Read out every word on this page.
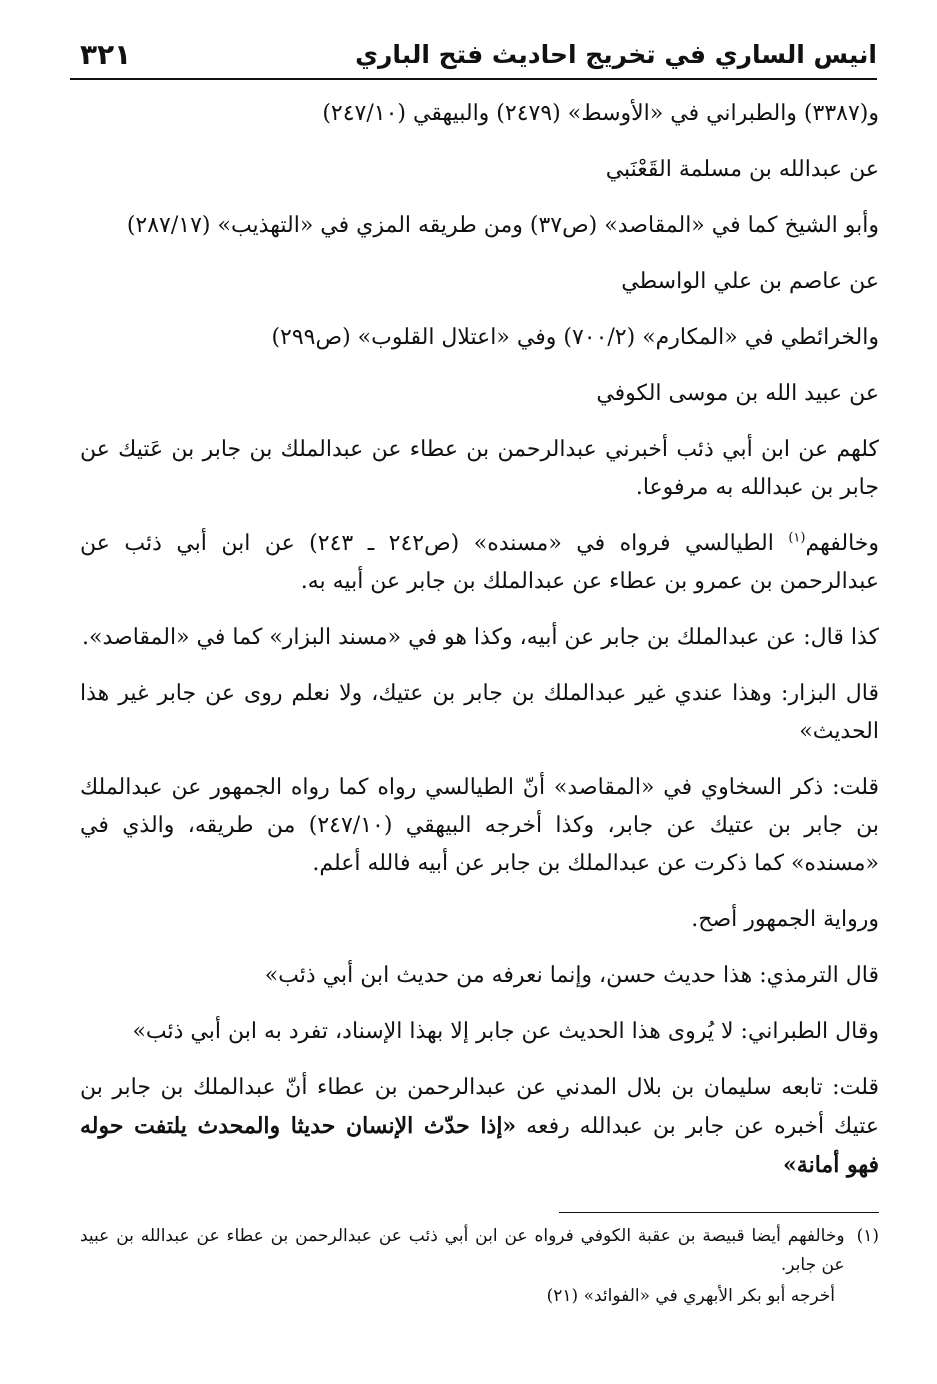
انيس الساري في تخريج احاديث فتح الباري
٣٢١

و(٣٣٨٧) والطبراني في «الأوسط» (٢٤٧٩) والبيهقي (٢٤٧/١٠)

عن عبدالله بن مسلمة القَعْنَبي

وأبو الشيخ كما في «المقاصد» (ص٣٧) ومن طريقه المزي في «التهذيب» (٢٨٧/١٧)

عن عاصم بن علي الواسطي

والخرائطي في «المكارم» (٧٠٠/٢) وفي «اعتلال القلوب» (ص٢٩٩)

عن عبيد الله بن موسى الكوفي

كلهم عن ابن أبي ذئب أخبرني عبدالرحمن بن عطاء عن عبدالملك بن جابر بن عَتيك عن جابر بن عبدالله به مرفوعا.

وخالفهم$^{(١)}$ الطيالسي فرواه في «مسنده» (ص٢٤٢ ـ ٢٤٣) عن ابن أبي ذئب عن عبدالرحمن بن عمرو بن عطاء عن عبدالملك بن جابر عن أبيه به.

كذا قال: عن عبدالملك بن جابر عن أبيه، وكذا هو في «مسند البزار» كما في «المقاصد».

قال البزار: وهذا عندي غير عبدالملك بن جابر بن عتيك، ولا نعلم روى عن جابر غير هذا الحديث»

قلت: ذكر السخاوي في «المقاصد» أنّ الطيالسي رواه كما رواه الجمهور عن عبدالملك بن جابر بن عتيك عن جابر، وكذا أخرجه البيهقي (٢٤٧/١٠) من طريقه، والذي في «مسنده» كما ذكرت عن عبدالملك بن جابر عن أبيه فالله أعلم.

ورواية الجمهور أصح.

قال الترمذي: هذا حديث حسن، وإنما نعرفه من حديث ابن أبي ذئب»

وقال الطبراني: لا يُروى هذا الحديث عن جابر إلا بهذا الإسناد، تفرد به ابن أبي ذئب»

قلت: تابعه سليمان بن بلال المدني عن عبدالرحمن بن عطاء أنّ عبدالملك بن جابر بن عتيك أخبره عن جابر بن عبدالله رفعه «إذا حدّث الإنسان حديثا والمحدث يلتفت حوله فهو أمانة»

(١)
وخالفهم أيضا قبيصة بن عقبة الكوفي فرواه عن ابن أبي ذئب عن عبدالرحمن بن عطاء عن عبدالله بن عبيد عن جابر.
أخرجه أبو بكر الأبهري في «الفوائد» (٢١)
